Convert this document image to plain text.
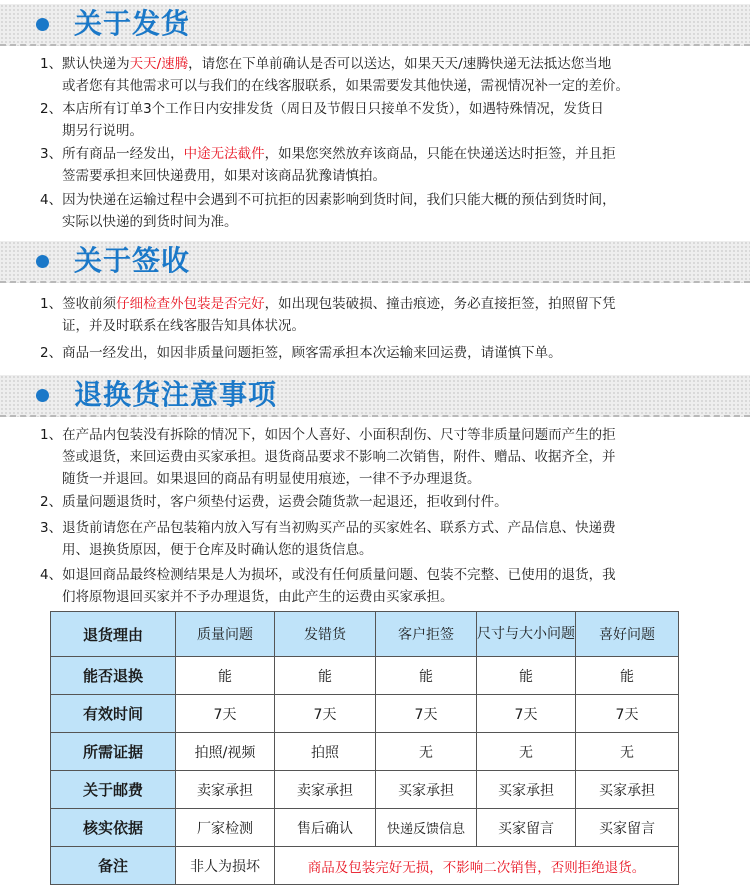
关于发货
1、默认快递为天天/速腾，请您在下单前确认是否可以送达，如果天天/速腾快递无法抵达您当地
或者您有其他需求可以与我们的在线客服联系，如果需要发其他快递，需视情况补一定的差价。
2、本店所有订单3个工作日内安排发货（周日及节假日只接单不发货），如遇特殊情况，发货日
期另行说明。
3、所有商品一经发出，中途无法截件，如果您突然放弃该商品，只能在快递送达时拒签，并且拒
签需要承担来回快递费用，如果对该商品犹豫请慎拍。
4、因为快递在运输过程中会遇到不可抗拒的因素影响到货时间，我们只能大概的预估到货时间，
实际以快递的到货时间为准。
关于签收
1、签收前须仔细检查外包装是否完好，如出现包装破损、撞击痕迹，务必直接拒签，拍照留下凭
证，并及时联系在线客服告知具体状况。
2、商品一经发出，如因非质量问题拒签，顾客需承担本次运输来回运费，请谨慎下单。
退换货注意事项
1、在产品内包装没有拆除的情况下，如因个人喜好、小面积刮伤、尺寸等非质量问题而产生的拒
签或退货，来回运费由买家承担。退货商品要求不影响二次销售，附件、赠品、收据齐全，并
随货一并退回。如果退回的商品有明显使用痕迹，一律不予办理退货。
2、质量问题退货时，客户须垫付运费，运费会随货款一起退还，拒收到付件。
3、退货前请您在产品包装箱内放入写有当初购买产品的买家姓名、联系方式、产品信息、快递费
用、退换货原因，便于仓库及时确认您的退货信息。
4、如退回商品最终检测结果是人为损坏，或没有任何质量问题、包装不完整、已使用的退货，我
们将原物退回买家并不予办理退货，由此产生的运费由买家承担。
退货理由	质量问题	发错货	客户拒签	尺寸与大小问题	喜好问题
能否退换	能	能	能	能	能
有效时间	7天	7天	7天	7天	7天
所需证据	拍照/视频	拍照	无	无	无
关于邮费	卖家承担	卖家承担	买家承担	买家承担	买家承担
核实依据	厂家检测	售后确认	快递反馈信息	买家留言	买家留言
备注	非人为损坏	商品及包装完好无损，不影响二次销售，否则拒绝退货。			
